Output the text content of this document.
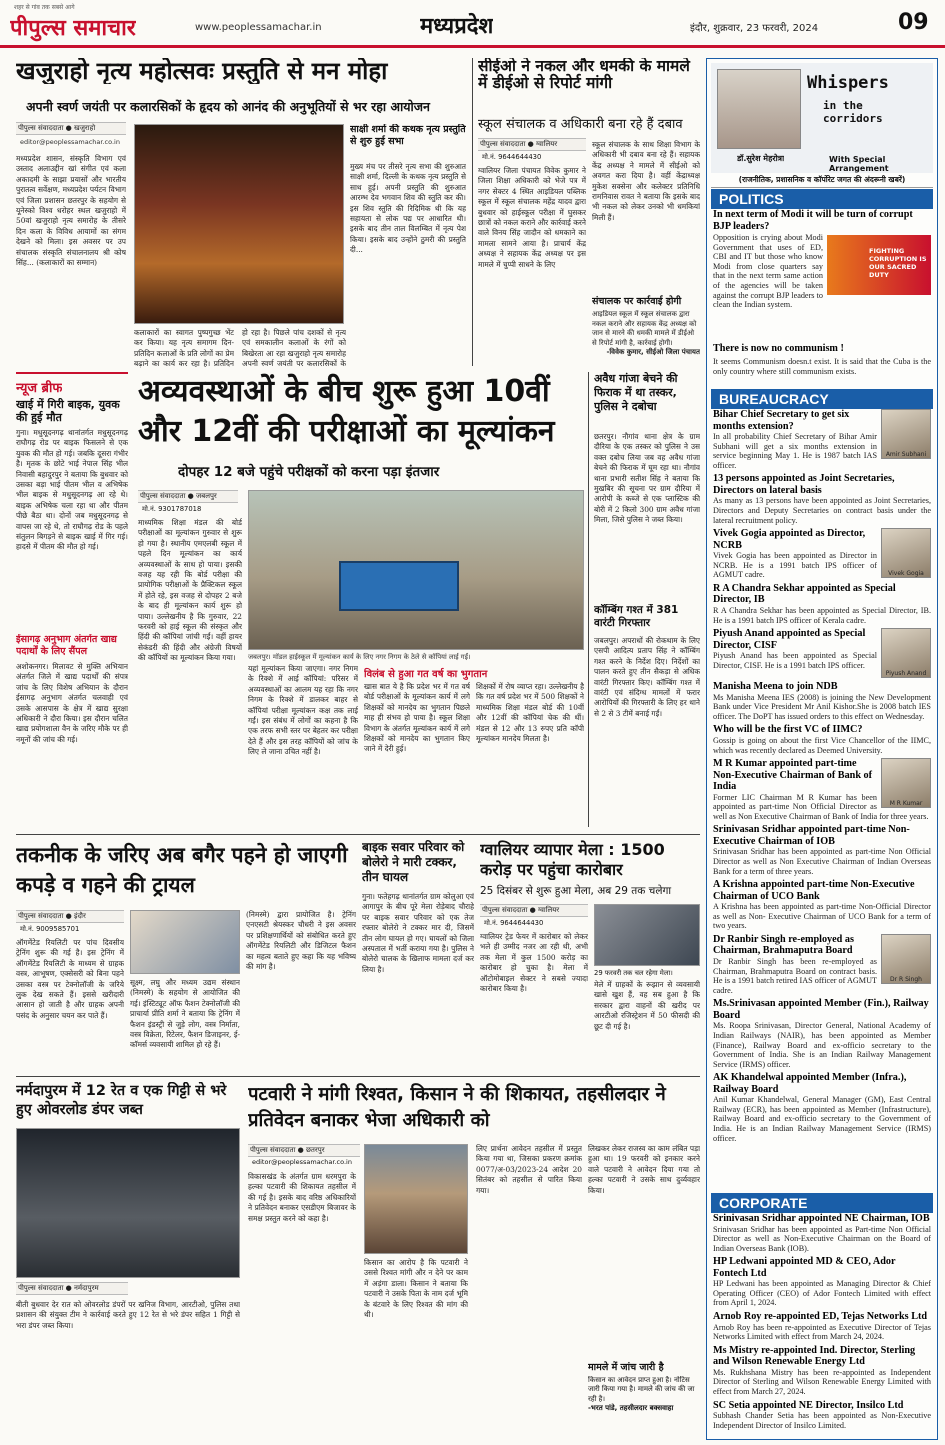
पीपुल्स समाचार
शहर से गांव तक सबसे आगे
www.peoplessamachar.in	मध्यप्रदेश	इंदौर, शुक्रवार, 23 फरवरी, 2024	09
खजुराहो नृत्य महोत्सवः प्रस्तुति से मन मोहा
अपनी स्वर्ण जयंती पर कलारसिकों के हृदय को आनंद की अनुभूतियों से भर रहा आयोजन
पीपुल्स संवाददाता ● खजुराहो
editor@peoplessamachar.co.in
मध्यप्रदेश शासन, संस्कृति विभाग एवं उस्ताद अलाउद्दीन खां संगीत एवं कला अकादमी के साझा प्रयासों और भारतीय पुरातत्व सर्वेक्षण, मध्यप्रदेश पर्यटन विभाग एवं जिला प्रशासन छतरपुर के सहयोग से यूनेस्को विश्व धरोहर स्थल खजुराहो में 50वां खजुराहो नृत्य समारोह के तीसरे दिन कला के विविध आयामों का संगम देखने को मिला। इस अवसर पर उप संचालक संस्कृति संचालनालय श्री कोष सिंह... (कलाकारों का सम्मान)
कलाकारों का स्वागत पुष्पगुच्छ भेंट कर किया। यह नृत्य समागम दिन-प्रतिदिन कलाओं के प्रति लोगों का प्रेम बढ़ाने का कार्य कर रहा है। प्रतिदिन
हो रहा है। पिछले पांच दशकों से नृत्य एवं समकालीन कलाओं के रंगों को बिखेरता आ रहा खजुराहो नृत्य समारोह अपनी स्वर्ण जयंती पर कलारसिकों के
साक्षी शर्मा की कथक नृत्य प्रस्तुति से शुरु हुई सभा
मुख्य मंच पर तीसरे नृत्य सभा की शुरुआत साक्षी शर्मा, दिल्ली के कथक नृत्य प्रस्तुति से साथ हुई। अपनी प्रस्तुति की शुरुआत आरम्भ देव भगवान शिव की स्तुति कर की। इस शिव स्तुति की रिदिमिक थी कि यह सहायता से लोक पद्य पर आधारित थी। इसके बाद तीन ताल विलम्बित में नृत्य पेश किया। इसके बाद उन्होंने ठुमरी की प्रस्तुति दी...
सीईओ ने नकल और धमकी के मामले में डीईओ से रिपोर्ट मांगी
स्कूल संचालक व अधिकारी बना रहे हैं दबाव
पीपुल्स संवाददाता ● ग्वालियर
मो.नं. 9644644430
ग्वालियर जिला पंचायत विवेक कुमार ने जिला शिक्षा अधिकारी को भेजे पत्र में नगर सेक्टर 4 स्थित आइडियल पब्लिक स्कूल में स्कूल संचालक महेंद्र यादव द्वारा बुधवार को हाईस्कूल परीक्षा में घुसकर छात्रों को नकल कराने और कार्रवाई करने वाले विनय सिंह जादौन को धमकाने का मामला सामने आया है। प्राचार्य केंद्र अध्यक्ष ने सहायक केंद्र अध्यक्ष पर इस मामले में चुप्पी साधने के लिए
स्कूल संचालक के साथ शिक्षा विभाग के अधिकारी भी दबाव बना रहे हैं। सहायक केंद्र अध्यक्ष ने मामले में सीईओ को अवगत करा दिया है। वहीं केंद्राध्यक्ष मुकेश सक्सेना और कलेक्टर प्रतिनिधि रामनिवास रावत ने बताया कि इसके बाद भी नकल को लेकर उनको भी धमकियां मिली हैं।
संचालक पर कार्रवाई होगी
आइडियल स्कूल में स्कूल संचालक द्वारा नकल कराने और सहायक केंद्र अध्यक्ष को जान से मारने की धमकी मामले में डीईओ से रिपोर्ट मांगी है, कार्रवाई होगी।
-विवेक कुमार, सीईओ जिला पंचायत
न्यूज ब्रीफ
खाई में गिरी बाइक, युवक की हुई मौत
गुना। मधुसूदनगढ़ थानांतर्गत मधुसूदनगढ़ राघौगढ़ रोड पर बाइक फिसलने से एक युवक की मौत हो गई। जबकि दूसरा गंभीर है। मृतक के छोटे भाई नेपाल सिंह भील निवासी बहादुरपुर ने बताया कि बुधवार को उसका बड़ा भाई पीतम भील व अभिषेक भील बाइक से मधुसूदनगढ़ आ रहे थे। बाइक अभिषेक चला रहा था और पीतम पीछे बैठा था। दोनों जब मधुसूदनगढ़ से वापस जा रहे थे, तो राघौगढ़ रोड के पहले संतुलन बिगड़ने से बाइक खाई में गिर गई। हादसे में पीतम की मौत हो गई।
ईसागढ़ अनुभाग अंतर्गत खाद्य पदार्थों के लिए सैंपल
अशोकनगर। मिलावट से मुक्ति अभियान अंतर्गत जिले में खाद्य पदार्थों की संपत्र जांच के लिए विशेष अभियान के दौरान ईसागढ़ अनुभाग अंतर्गत चलवाही एवं उसके आसपास के क्षेत्र में खाद्य सुरक्षा अधिकारी ने दौरा किया। इस दौरान चलित खाद्य प्रयोगशाला वैन के जरिए मौके पर ही नमूनों की जांच की गई।
अव्यवस्थाओं के बीच शुरू हुआ 10वीं और 12वीं की परीक्षाओं का मूल्यांकन
दोपहर 12 बजे पहुंचे परीक्षकों को करना पड़ा इंतजार
पीपुल्स संवाददाता ● जबलपुर
मो.नं. 9301787018
माध्यमिक शिक्षा मंडल की बोर्ड परीक्षाओं का मूल्यांकन गुरुवार से शुरू हो गया है। स्थानीय एमएलबी स्कूल में पहले दिन मूल्यांकन का कार्य अव्यवस्थाओं के साथ हो पाया। इसकी वजह यह रही कि बोर्ड परीक्षा की प्रायोगिक परीक्षाओं के प्रैक्टिकल स्कूल में होते रहे, इस वजह से दोपहर 2 बजे के बाद ही मूल्यांकन कार्य शुरू हो पाया। उल्लेखनीय है कि गुरुवार, 22 फरवरी को हाई स्कूल की संस्कृत और हिंदी की कॉपियां जांची गईं। वहीं हायर सेकंडरी की हिंदी और अंग्रेजी विषयों की कॉपियों का मूल्यांकन किया गया।	जबलपुर। मॉडल हाईस्कूल में मूल्यांकन कार्य के लिए नगर निगम के ठेले से कॉपियां लाई गईं।
यहां मूल्यांकन किया जाएगा। नगर निगम के रिक्शे में आई कॉपियां: परिसर में अव्यवस्थाओं का आलम यह रहा कि नगर निगम के रिक्शे में डालकर बाहर से कॉपियां परीक्षा मूल्यांकन कक्ष तक लाई गईं। इस संबंध में लोगों का कहना है कि एक तरफ सभी स्तर पर बेहतर कर परीक्षा देते हैं और इस तरह कॉपियों को जांच के लिए ले जाना उचित नहीं है।
विलंब से हुआ गत वर्ष का भुगतान
खास बात ये है कि प्रदेश भर में गत वर्ष बोर्ड परीक्षाओं के मूल्यांकन कार्य में लगे शिक्षकों को मानदेय का भुगतान पिछले माह ही संभव हो पाया है। स्कूल शिक्षा विभाग के अंतर्गत मूल्यांकन कार्य में लगे शिक्षकों को मानदेय का भुगतान किए जाने में देरी हुई।
शिक्षकों में रोष व्याप्त रहा। उल्लेखनीय है कि गत वर्ष प्रदेश भर में 500 शिक्षकों ने माध्यमिक शिक्षा मंडल बोर्ड की 10वीं और 12वीं की कॉपियां चेक की थीं। मंडल से 12 और 13 रुपए प्रति कॉपी मूल्यांकन मानदेय मिलता है।
अवैध गांजा बेचने की फिराक में था तस्कर, पुलिस ने दबोचा
छतरपुर। नौगांव थाना क्षेत्र के ग्राम दौरिया के एक तस्कर को पुलिस ने उस वक्त दबोच लिया जब वह अवैध गांजा बेचने की फिराक में घूम रहा था। नौगांव थाना प्रभारी सतीश सिंह ने बताया कि मुखबिर की सूचना पर ग्राम दौरिया में आरोपी के कब्जे से एक प्लास्टिक की बोरी में 2 किलो 300 ग्राम अवैध गांजा मिला, जिसे पुलिस ने जब्त किया।
कॉम्बिंग गश्त में 381 वारंटी गिरफ्तार
जबलपुर। अपराधों की रोकथाम के लिए एसपी आदित्य प्रताप सिंह ने कॉम्बिंग गश्त करने के निर्देश दिए। निर्देशों का पालन करते हुए तीन सैकड़ा से अधिक वारंटी गिरफ्तार किए। कॉम्बिंग गश्त में वारंटी एवं संदिग्ध मामलों में फरार आरोपियों की गिरफ्तारी के लिए हर थाने से 2 से 3 टीमें बनाई गईं।
तकनीक के जरिए अब बगैर पहने हो जाएगी कपड़े व गहने की ट्रायल
पीपुल्स संवाददाता ● इंदौर
मो.नं. 9009585701
ऑगमेंटेड रियलिटी पर पांच दिवसीय ट्रेनिंग शुरू की गई है। इस ट्रेनिंग में ऑगमेंटेड रियलिटी के माध्यम से ग्राहक वस्त्र, आभूषण, एक्सेसरी को बिना पहने उसका वस्त्र पर टेक्नोलॉजी के जरिये लुक देख सकते हैं। इससे खरीदारी आसान हो जाती है और ग्राहक अपनी पसंद के अनुसार चयन कर पाते हैं।
सूक्ष्म, लघु और मध्यम उद्यम संस्थान (निमस्मे) के सहयोग से आयोजित की गई। इंस्टिट्यूट ऑफ फैशन टेक्नोलॉजी की प्राचार्या प्रीति शर्मा ने बताया कि ट्रेनिंग में फैशन इंडस्ट्री से जुड़े लोग, वस्त्र निर्माता, वस्त्र विक्रेता, रिटेलर, फैशन डिजाइनर, ई-कॉमर्स व्यवसायी शामिल हो रहे हैं।
(निमस्मे) द्वारा प्रायोजित है। ट्रेनिंग एनएसटी श्रेयस्कर चौधरी ने इस अवसर पर प्रशिक्षणार्थियों को संबोधित करते हुए ऑगमेंटेड रियलिटी और डिजिटल फैशन का महत्व बताते हुए कहा कि यह भविष्य की मांग है।
बाइक सवार परिवार को बोलेरो ने मारी टक्कर, तीन घायल
गुना। फतेहगढ़ थानांतर्गत ग्राम कोलुआ एवं आगापुर के बीच पूरे मेला रोड़ेबाद चौराहे पर बाइक सवार परिवार को एक तेज रफ्तार बोलेरो ने टक्कर मार दी, जिसमें तीन लोग घायल हो गए। घायलों को जिला अस्पताल में भर्ती कराया गया है। पुलिस ने बोलेरो चालक के खिलाफ मामला दर्ज कर लिया है।
ग्वालियर व्यापार मेला : 1500 करोड़ पर पहुंचा कारोबार
25 दिसंबर से शुरू हुआ मेला, अब 29 तक चलेगा
पीपुल्स संवाददाता ● ग्वालियर
मो.नं. 9644644430
ग्वालियर ट्रेड फेयर में कारोबार को लेकर भले ही उम्मीद नजर आ रही थी, अभी तक मेला में कुल 1500 करोड़ का कारोबार हो चुका है। मेला में ऑटोमोबाइल सेक्टर ने सबसे ज्यादा कारोबार किया है।
29 फरवरी तक चल रहेगा मेला।
मेले में ग्राहकों के रूझान से व्यवसायी खासे खुश हैं, वह सब हुआ है कि सरकार द्वारा वाहनों की खरीद पर आरटीओ रजिस्ट्रेशन में 50 फीसदी की छूट दी गई है।
नर्मदापुरम में 12 रेत व एक गिट्टी से भरे हुए ओवरलोड डंपर जब्त
पीपुल्स संवाददाता ● नर्मदापुरम
बीती बुधवार देर रात को ओवरलोड डंपरों पर खनिज विभाग, आरटीओ, पुलिस तथा प्रशासन की संयुक्त टीम ने कार्रवाई करते हुए 12 रेत से भरे डंपर सहित 1 गिट्टी से भरा डंपर जब्त किया।
पटवारी ने मांगी रिश्वत, किसान ने की शिकायत, तहसीलदार ने प्रतिवेदन बनाकर भेजा अधिकारी को
पीपुल्स संवाददाता ● छतरपुर
editor@peoplessamachar.co.in
विकासखंड के अंतर्गत ग्राम धरमपुरा के हल्का पटवारी की शिकायत तहसील में की गई है। इसके बाद वरिष्ठ अधिकारियों ने प्रतिवेदन बनाकर एसडीएम बिजावर के समक्ष प्रस्तुत करने को कहा है।
किसान का आरोप है कि पटवारी ने उससे रिश्वत मांगी और न देने पर काम में अड़ंगा डाला। किसान ने बताया कि पटवारी ने उसके पिता के नाम दर्ज भूमि के बंटवारे के लिए रिश्वत की मांग की थी।
लिए प्रार्थना आवेदन तहसील में प्रस्तुत किया गया था, जिसका प्रकरण क्रमांक 0077/अ-03/2023-24 आदेश 20 सितंबर को तहसील से पारित किया गया।
लिखकर लेकर राजस्व का काम लंबित पड़ा हुआ था। 19 फरवरी को इनकार करने वाले पटवारी ने आवेदन दिया गया तो हल्का पटवारी ने उसके साथ दुर्व्यवहार किया।
मामले में जांच जारी है
किसान का आवेदन प्राप्त हुआ है। नोटिस जारी किया गया है। मामले की जांच की जा रही है।
-भरत पांडे, तहसीलदार बक्सवाहा
Whispers
in the corridors
डॉ.सुरेश मेहरोत्रा	With Special Arrangement
(राजनीतिक, प्रशासनिक व कॉर्पोरेट जगत की अंदरूनी खबरें)
POLITICS
In next term of Modi it will be turn of corrupt BJP leaders?
Opposition is crying about Modi Government that uses of ED, CBI and IT but those who know Modi from close quarters say that in the next term same action of the agencies will be taken against the corrupt BJP leaders to clean the Indian system.
FIGHTING CORRUPTION IS OUR SACRED DUTY
There is now no communism !
It seems Communism doesn.t exist. It is said that the Cuba is the only country where still communism exists.
BUREAUCRACY
Amir Subhani
Bihar Chief Secretary to get six months extension?
In all probability Chief Secretary of Bihar Amir Subhani will get a six months extension in service beginning May 1. He is 1987 batch IAS officer.
13 persons appointed as Joint Secretaries, Directors on lateral basis
As many as 13 persons have been appointed as Joint Secretaries, Directors and Deputy Secretaries on contract basis under the lateral recruitment policy.
Vivek Gogia
Vivek Gogia appointed as Director, NCRB
Vivek Gogia has been appointed as Director in NCRB. He is a 1991 batch IPS officer of AGMUT cadre.
R A Chandra Sekhar appointed as Special Director, IB
R A Chandra Sekhar has been appointed as Special Director, IB. He is a 1991 batch IPS officer of Kerala cadre.
Piyush Anand
Piyush Anand appointed as Special Director, CISF
Piyush Anand has been appointed as Special Director, CISF. He is a 1991 batch IPS officer.
Manisha Meena to join NDB
Ms Manisha Meena IES (2008) is joining the New Development Bank under Vice President Mr Anil Kishor.She is 2008 batch IES officer. The DoPT has issued orders to this effect on Wednesday.
Who will be the first VC of IIMC?
Gossip is going on about the first Vice Chancellor of the IIMC, which was recently declared as Deemed University.
M R Kumar
M R Kumar appointed part-time Non-Executive Chairman of Bank of India
Former LIC Chairman M R Kumar has been appointed as part-time Non Official Director as well as Non Executive Chairman of Bank of India for three years.
Srinivasan Sridhar appointed part-time Non-Executive Chairman of IOB
Srinivasan Sridhar has been appointed as part-time Non Official Director as well as Non Executive Chairman of Indian Overseas Bank for a term of three years.
A Krishna appointed part-time Non-Executive Chairman of UCO Bank
A Krishna has been appointed as part-time Non-Official Director as well as Non- Executive Chairman of UCO Bank for a term of two years.
Dr R Singh
Dr Ranbir Singh re-employed as Chairman, Brahmaputra Board
Dr Ranbir Singh has been re-employed as Chairman, Brahmaputra Board on contract basis. He is a 1991 batch retired IAS officer of AGMUT cadre.
Ms.Srinivasan appointed Member (Fin.), Railway Board
Ms. Roopa Srinivasan, Director General, National Academy of Indian Railways (NAIR), has been appointed as Member (Finance), Railway Board and ex-officio secretary to the Government of India. She is an Indian Railway Management Service (IRMS) officer.
AK Khandelwal appointed Member (Infra.), Railway Board
Anil Kumar Khandelwal, General Manager (GM), East Central Railway (ECR), has been appointed as Member (Infrastructure), Railway Board and ex-officio secretary to the Government of India. He is an Indian Railway Management Service (IRMS) officer.
CORPORATE
Srinivasan Sridhar appointed NE Chairman, IOB
Srinivasan Sridhar has been appointed as Part-time Non Official Director as well as Non-Executive Chairman on the Board of Indian Overseas Bank (IOB).
HP Ledwani appointed MD & CEO, Ador Fontech Ltd
HP Ledwani has been appointed as Managing Director & Chief Operating Officer (CEO) of Ador Fontech Limited with effect from April 1, 2024.
Arnob Roy re-appointed ED, Tejas Networks Ltd
Arnob Roy has been re-appointed as Executive Director of Tejas Networks Limited with effect from March 24, 2024.
Ms Mistry re-appointed Ind. Director, Sterling and Wilson Renewable Energy Ltd
Ms. Rukhshana Mistry has been re-appointed as Independent Director of Sterling and Wilson Renewable Energy Limited with effect from March 27, 2024.
SC Setia appointed NE Director, Insilco Ltd
Subhash Chander Setia has been appointed as Non-Executive Independent Director of Insilco Limited.
